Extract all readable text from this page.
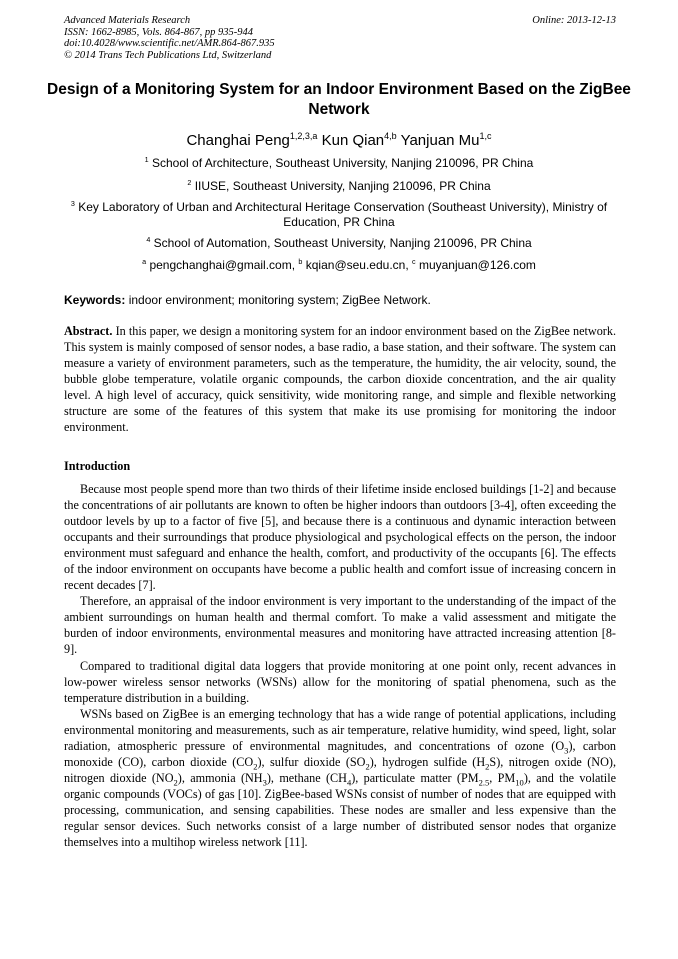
Advanced Materials Research
ISSN: 1662-8985, Vols. 864-867, pp 935-944
doi:10.4028/www.scientific.net/AMR.864-867.935
© 2014 Trans Tech Publications Ltd, Switzerland
Online: 2013-12-13
Design of a Monitoring System for an Indoor Environment Based on the ZigBee Network
Changhai Peng$^{1,2,3,a}$ Kun Qian$^{4,b}$ Yanjuan Mu$^{1,c}$
$^1$ School of Architecture, Southeast University, Nanjing 210096, PR China
$^2$ IIUSE, Southeast University, Nanjing 210096, PR China
$^3$ Key Laboratory of Urban and Architectural Heritage Conservation (Southeast University), Ministry of Education, PR China
$^4$ School of Automation, Southeast University, Nanjing 210096, PR China
$^a$ pengchanghai@gmail.com, $^b$ kqian@seu.edu.cn, $^c$ muyanjuan@126.com
Keywords: indoor environment; monitoring system; ZigBee Network.

Abstract. In this paper, we design a monitoring system for an indoor environment based on the ZigBee network. This system is mainly composed of sensor nodes, a base radio, a base station, and their software. The system can measure a variety of environment parameters, such as the temperature, the humidity, the air velocity, sound, the bubble globe temperature, volatile organic compounds, the carbon dioxide concentration, and the air quality level. A high level of accuracy, quick sensitivity, wide monitoring range, and simple and flexible networking structure are some of the features of this system that make its use promising for monitoring the indoor environment.

Introduction

Because most people spend more than two thirds of their lifetime inside enclosed buildings [1-2] and because the concentrations of air pollutants are known to often be higher indoors than outdoors [3-4], often exceeding the outdoor levels by up to a factor of five [5], and because there is a continuous and dynamic interaction between occupants and their surroundings that produce physiological and psychological effects on the person, the indoor environment must safeguard and enhance the health, comfort, and productivity of the occupants [6]. The effects of the indoor environment on occupants have become a public health and comfort issue of increasing concern in recent decades [7].

Therefore, an appraisal of the indoor environment is very important to the understanding of the impact of the ambient surroundings on human health and thermal comfort. To make a valid assessment and mitigate the burden of indoor environments, environmental measures and monitoring have attracted increasing attention [8-9].

Compared to traditional digital data loggers that provide monitoring at one point only, recent advances in low-power wireless sensor networks (WSNs) allow for the monitoring of spatial phenomena, such as the temperature distribution in a building.

WSNs based on ZigBee is an emerging technology that has a wide range of potential applications, including environmental monitoring and measurements, such as air temperature, relative humidity, wind speed, light, solar radiation, atmospheric pressure of environmental magnitudes, and concentrations of ozone $(O_3)$, carbon monoxide (CO), carbon dioxide $(CO_2)$, sulfur dioxide $(SO_2)$, hydrogen sulfide $(H_2S)$, nitrogen oxide (NO), nitrogen dioxide $(NO_2)$, ammonia $(NH_3)$, methane $(CH_4)$, particulate matter ($PM_{2.5}$, $PM_{10}$), and the volatile organic compounds (VOCs) of gas [10]. ZigBee-based WSNs consist of number of nodes that are equipped with processing, communication, and sensing capabilities. These nodes are smaller and less expensive than the regular sensor devices. Such networks consist of a large number of distributed sensor nodes that organize themselves into a multihop wireless network [11].
